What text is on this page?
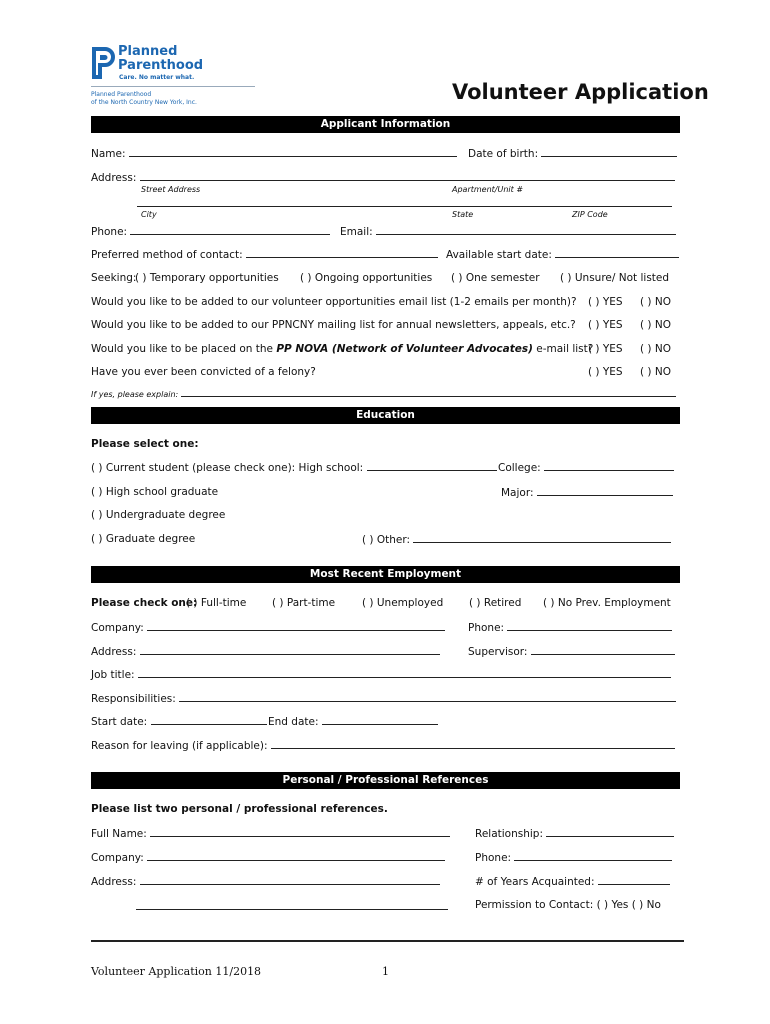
Planned
Parenthood
Care. No matter what.
Planned Parenthood
of the North Country New York, Inc.	Volunteer Application
Applicant Information
Name:	Date of birth:
Address:
Street Address	Apartment/Unit #
City	State	ZIP Code
Phone:	Email:
Preferred method of contact:	Available start date:
Seeking:
( ) Temporary opportunities ( ) Ongoing opportunities ( ) One semester ( ) Unsure/ Not listed
Would you like to be added to our volunteer opportunities email list (1-2 emails per month)? ( ) YES ( ) NO
Would you like to be added to our PPNCNY mailing list for annual newsletters, appeals, etc.? ( ) YES ( ) NO
Would you like to be placed on the PP NOVA (Network of Volunteer Advocates) e-mail list?
( ) YES ( ) NO
Have you ever been convicted of a felony?	( ) YES ( ) NO
If yes, please explain:
Education
Please select one:
( ) Current student (please check one): High school:	College:
( ) High school graduate	Major:
( ) Undergraduate degree
( ) Graduate degree	( ) Other:
Most Recent Employment
Please check one:
( ) Full-time ( ) Part-time	( ) Unemployed ( ) Retired ( ) No Prev. Employment
Company:	Phone:
Address:	Supervisor:
Job title:
Responsibilities:
Start date:	End date:
Reason for leaving (if applicable):
Personal / Professional References
Please list two personal / professional references.
Full Name:	Relationship:
Company:	Phone:
Address:	# of Years Acquainted:
Permission to Contact: ( ) Yes ( ) No
Volunteer Application 11/2018	1
